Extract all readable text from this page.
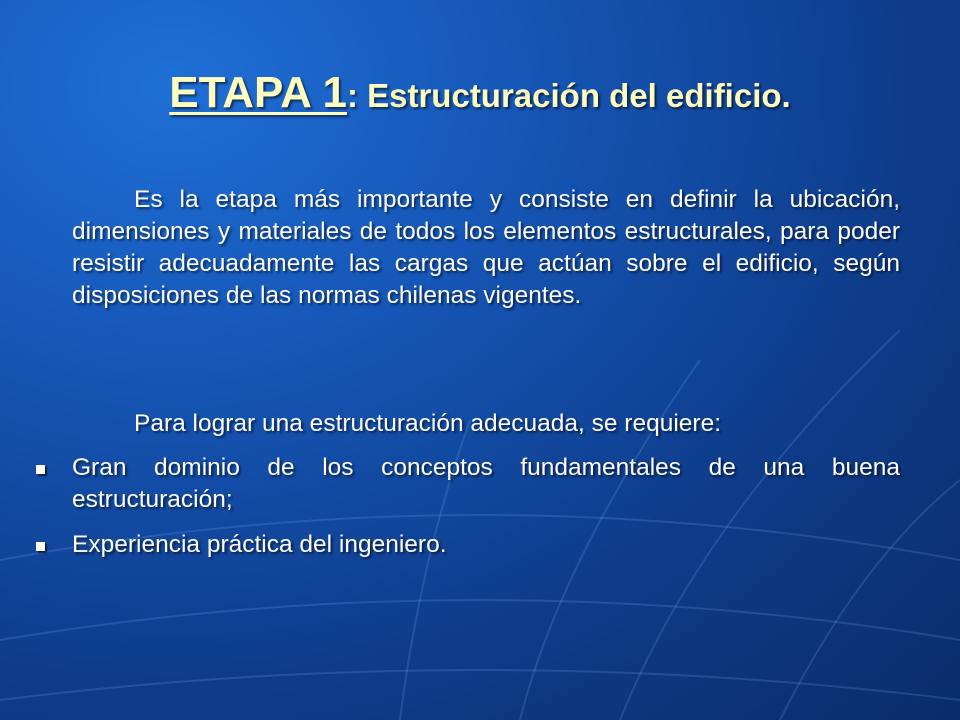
ETAPA 1: Estructuración del edificio.
Es la etapa más importante y consiste en definir la ubicación, dimensiones y materiales de todos los elementos estructurales, para poder resistir adecuadamente las cargas que actúan sobre el edificio, según disposiciones de las normas chilenas vigentes.
Para lograr una estructuración adecuada, se requiere:
Gran dominio de los conceptos fundamentales de una buena estructuración;
Experiencia práctica del ingeniero.
